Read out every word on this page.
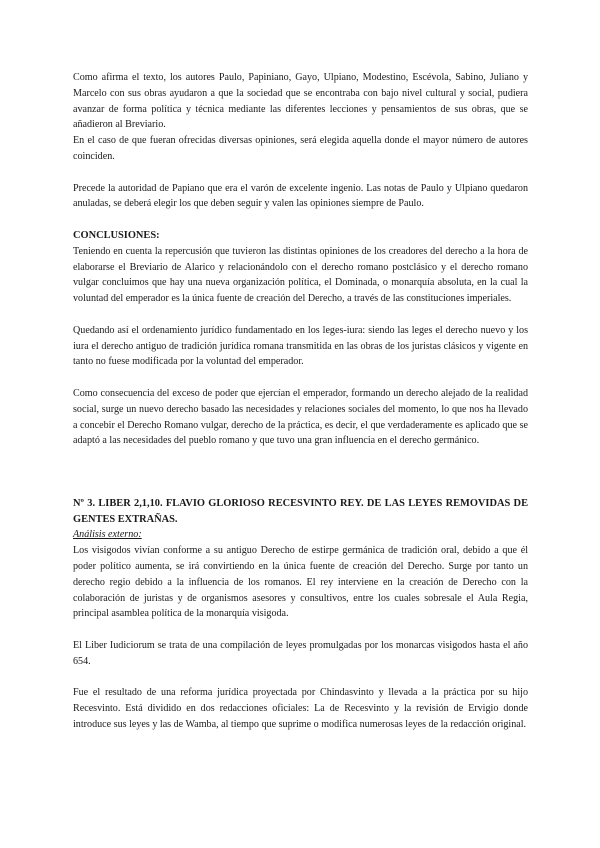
Como afirma el texto, los autores Paulo, Papiniano, Gayo, Ulpiano, Modestino, Escévola, Sabino, Juliano y Marcelo con sus obras ayudaron a que la sociedad que se encontraba con bajo nivel cultural y social, pudiera avanzar de forma política y técnica mediante las diferentes lecciones y pensamientos de sus obras, que se añadieron al Breviario.

En el caso de que fueran ofrecidas diversas opiniones, será elegida aquella donde el mayor número de autores coinciden.

Precede la autoridad de Papiano que era el varón de excelente ingenio. Las notas de Paulo y Ulpiano quedaron anuladas, se deberá elegir los que deben seguir y valen las opiniones siempre de Paulo.

CONCLUSIONES:

Teniendo en cuenta la repercusión que tuvieron las distintas opiniones de los creadores del derecho a la hora de elaborarse el Breviario de Alarico y relacionándolo con el derecho romano postclásico y el derecho romano vulgar concluimos que hay una nueva organización política, el Dominada, o monarquía absoluta, en la cual la voluntad del emperador es la única fuente de creación del Derecho, a través de las constituciones imperiales.

Quedando así el ordenamiento jurídico fundamentado en los leges-iura: siendo las leges el derecho nuevo y los iura el derecho antiguo de tradición jurídica romana transmitida en las obras de los juristas clásicos y vigente en tanto no fuese modificada por la voluntad del emperador.

Como consecuencia del exceso de poder que ejercían el emperador, formando un derecho alejado de la realidad social, surge un nuevo derecho basado las necesidades y relaciones sociales del momento, lo que nos ha llevado a concebir el Derecho Romano vulgar, derecho de la práctica, es decir, el que verdaderamente es aplicado que se adaptó a las necesidades del pueblo romano y que tuvo una gran influencia en el derecho germánico.

Nº 3. LIBER 2,1,10. FLAVIO GLORIOSO RECESVINTO REY. DE LAS LEYES REMOVIDAS DE GENTES EXTRAÑAS.

Análisis externo:

Los visigodos vivían conforme a su antiguo Derecho de estirpe germánica de tradición oral, debido a que él poder político aumenta, se irá convirtiendo en la única fuente de creación del Derecho. Surge por tanto un derecho regio debido a la influencia de los romanos. El rey interviene en la creación de Derecho con la colaboración de juristas y de organismos asesores y consultivos, entre los cuales sobresale el Aula Regia, principal asamblea política de la monarquía visigoda.

El Liber Iudiciorum se trata de una compilación de leyes promulgadas por los monarcas visigodos hasta el año 654.

Fue el resultado de una reforma jurídica proyectada por Chindasvinto y llevada a la práctica por su hijo Recesvinto. Está dividido en dos redacciones oficiales: La de Recesvinto y la revisión de Ervigio donde introduce sus leyes y las de Wamba, al tiempo que suprime o modifica numerosas leyes de la redacción original.
